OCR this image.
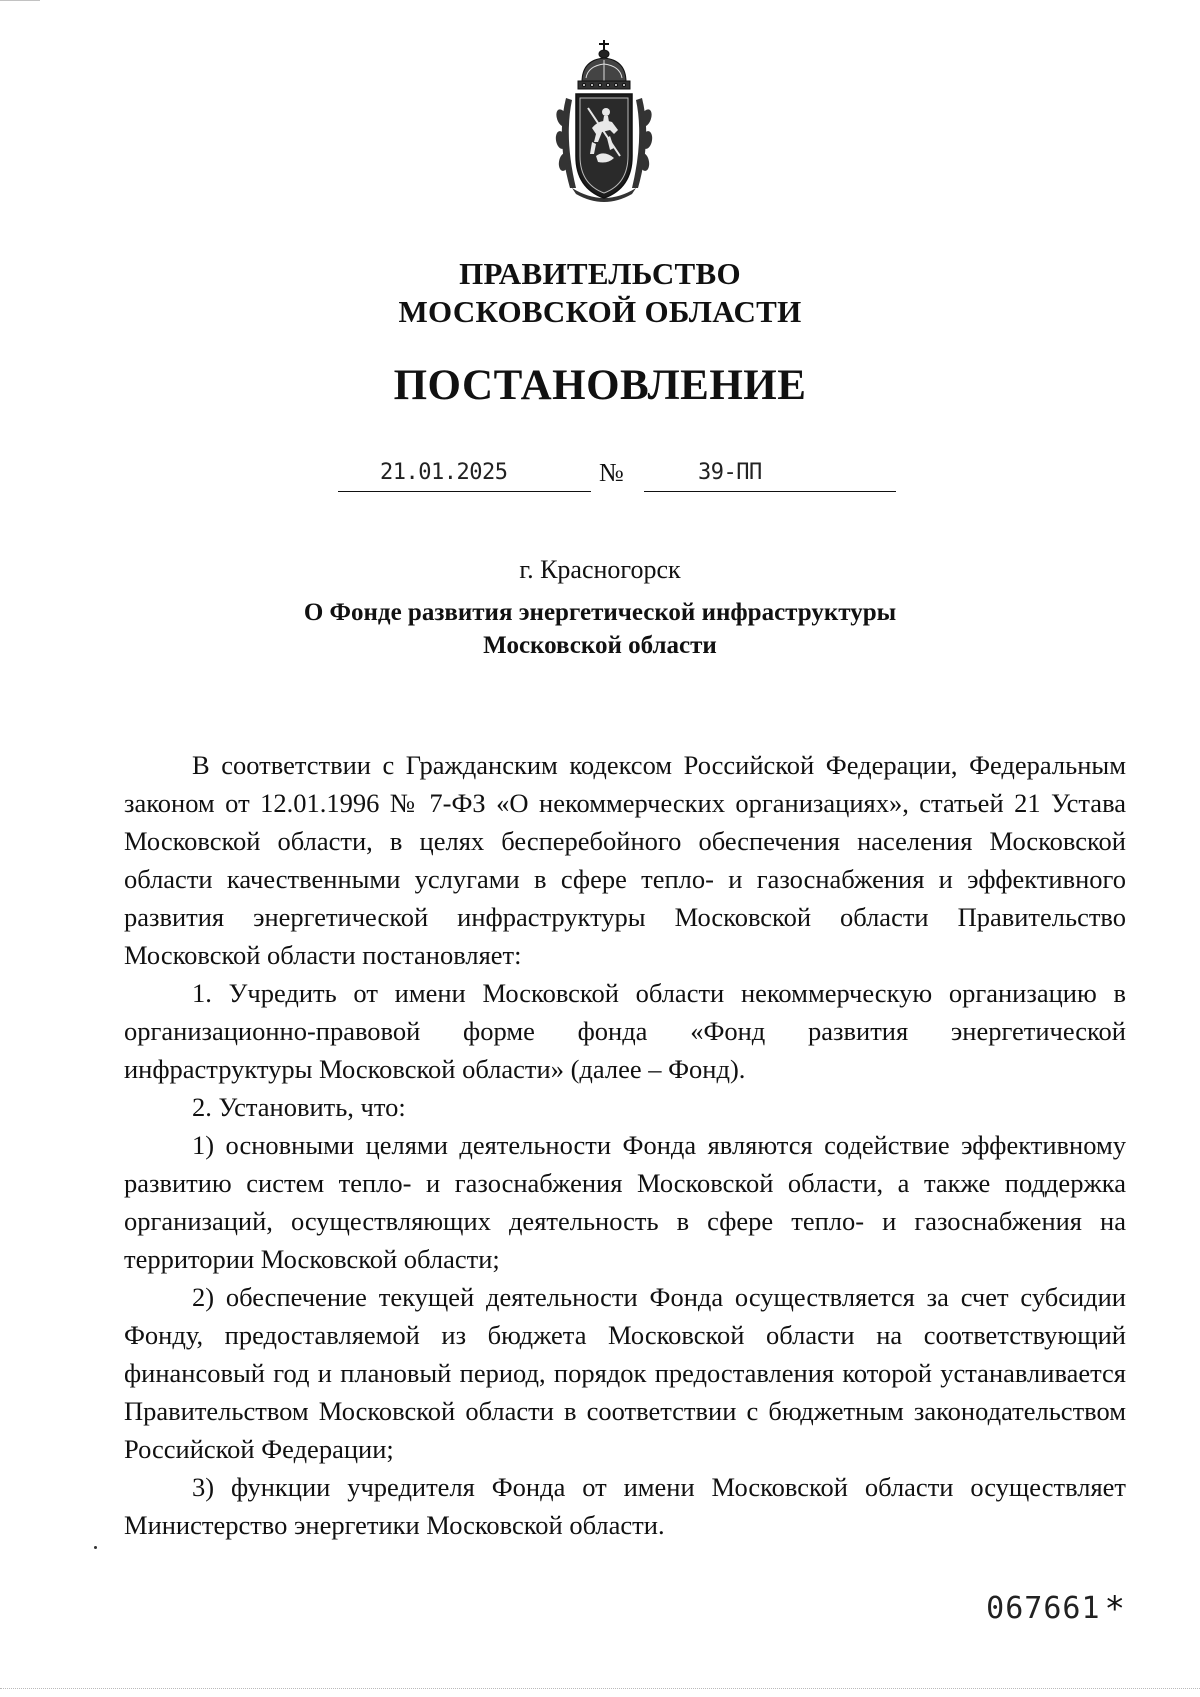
ПРАВИТЕЛЬСТВО
МОСКОВСКОЙ ОБЛАСТИ
ПОСТАНОВЛЕНИЕ
21.01.2025	№	39-ПП
г. Красногорск
О Фонде развития энергетической инфраструктуры
Московской области

В соответствии с Гражданским кодексом Российской Федерации, Федеральным законом от 12.01.1996 № 7-ФЗ «О некоммерческих организациях», статьей 21 Устава Московской области, в целях бесперебойного обеспечения населения Московской области качественными услугами в сфере тепло- и газоснабжения и эффективного развития энергетической инфраструктуры Московской области Правительство Московской области постановляет:

1. Учредить от имени Московской области некоммерческую организацию в организационно-правовой форме фонда «Фонд развития энергетической инфраструктуры Московской области» (далее – Фонд).

2. Установить, что:

1) основными целями деятельности Фонда являются содействие эффективному развитию систем тепло- и газоснабжения Московской области, а также поддержка организаций, осуществляющих деятельность в сфере тепло- и газоснабжения на территории Московской области;

2) обеспечение текущей деятельности Фонда осуществляется за счет субсидии Фонду, предоставляемой из бюджета Московской области на соответствующий финансовый год и плановый период, порядок предоставления которой устанавливается Правительством Московской области в соответствии с бюджетным законодательством Российской Федерации;

3) функции учредителя Фонда от имени Московской области осуществляет Министерство энергетики Московской области.

067661 *
